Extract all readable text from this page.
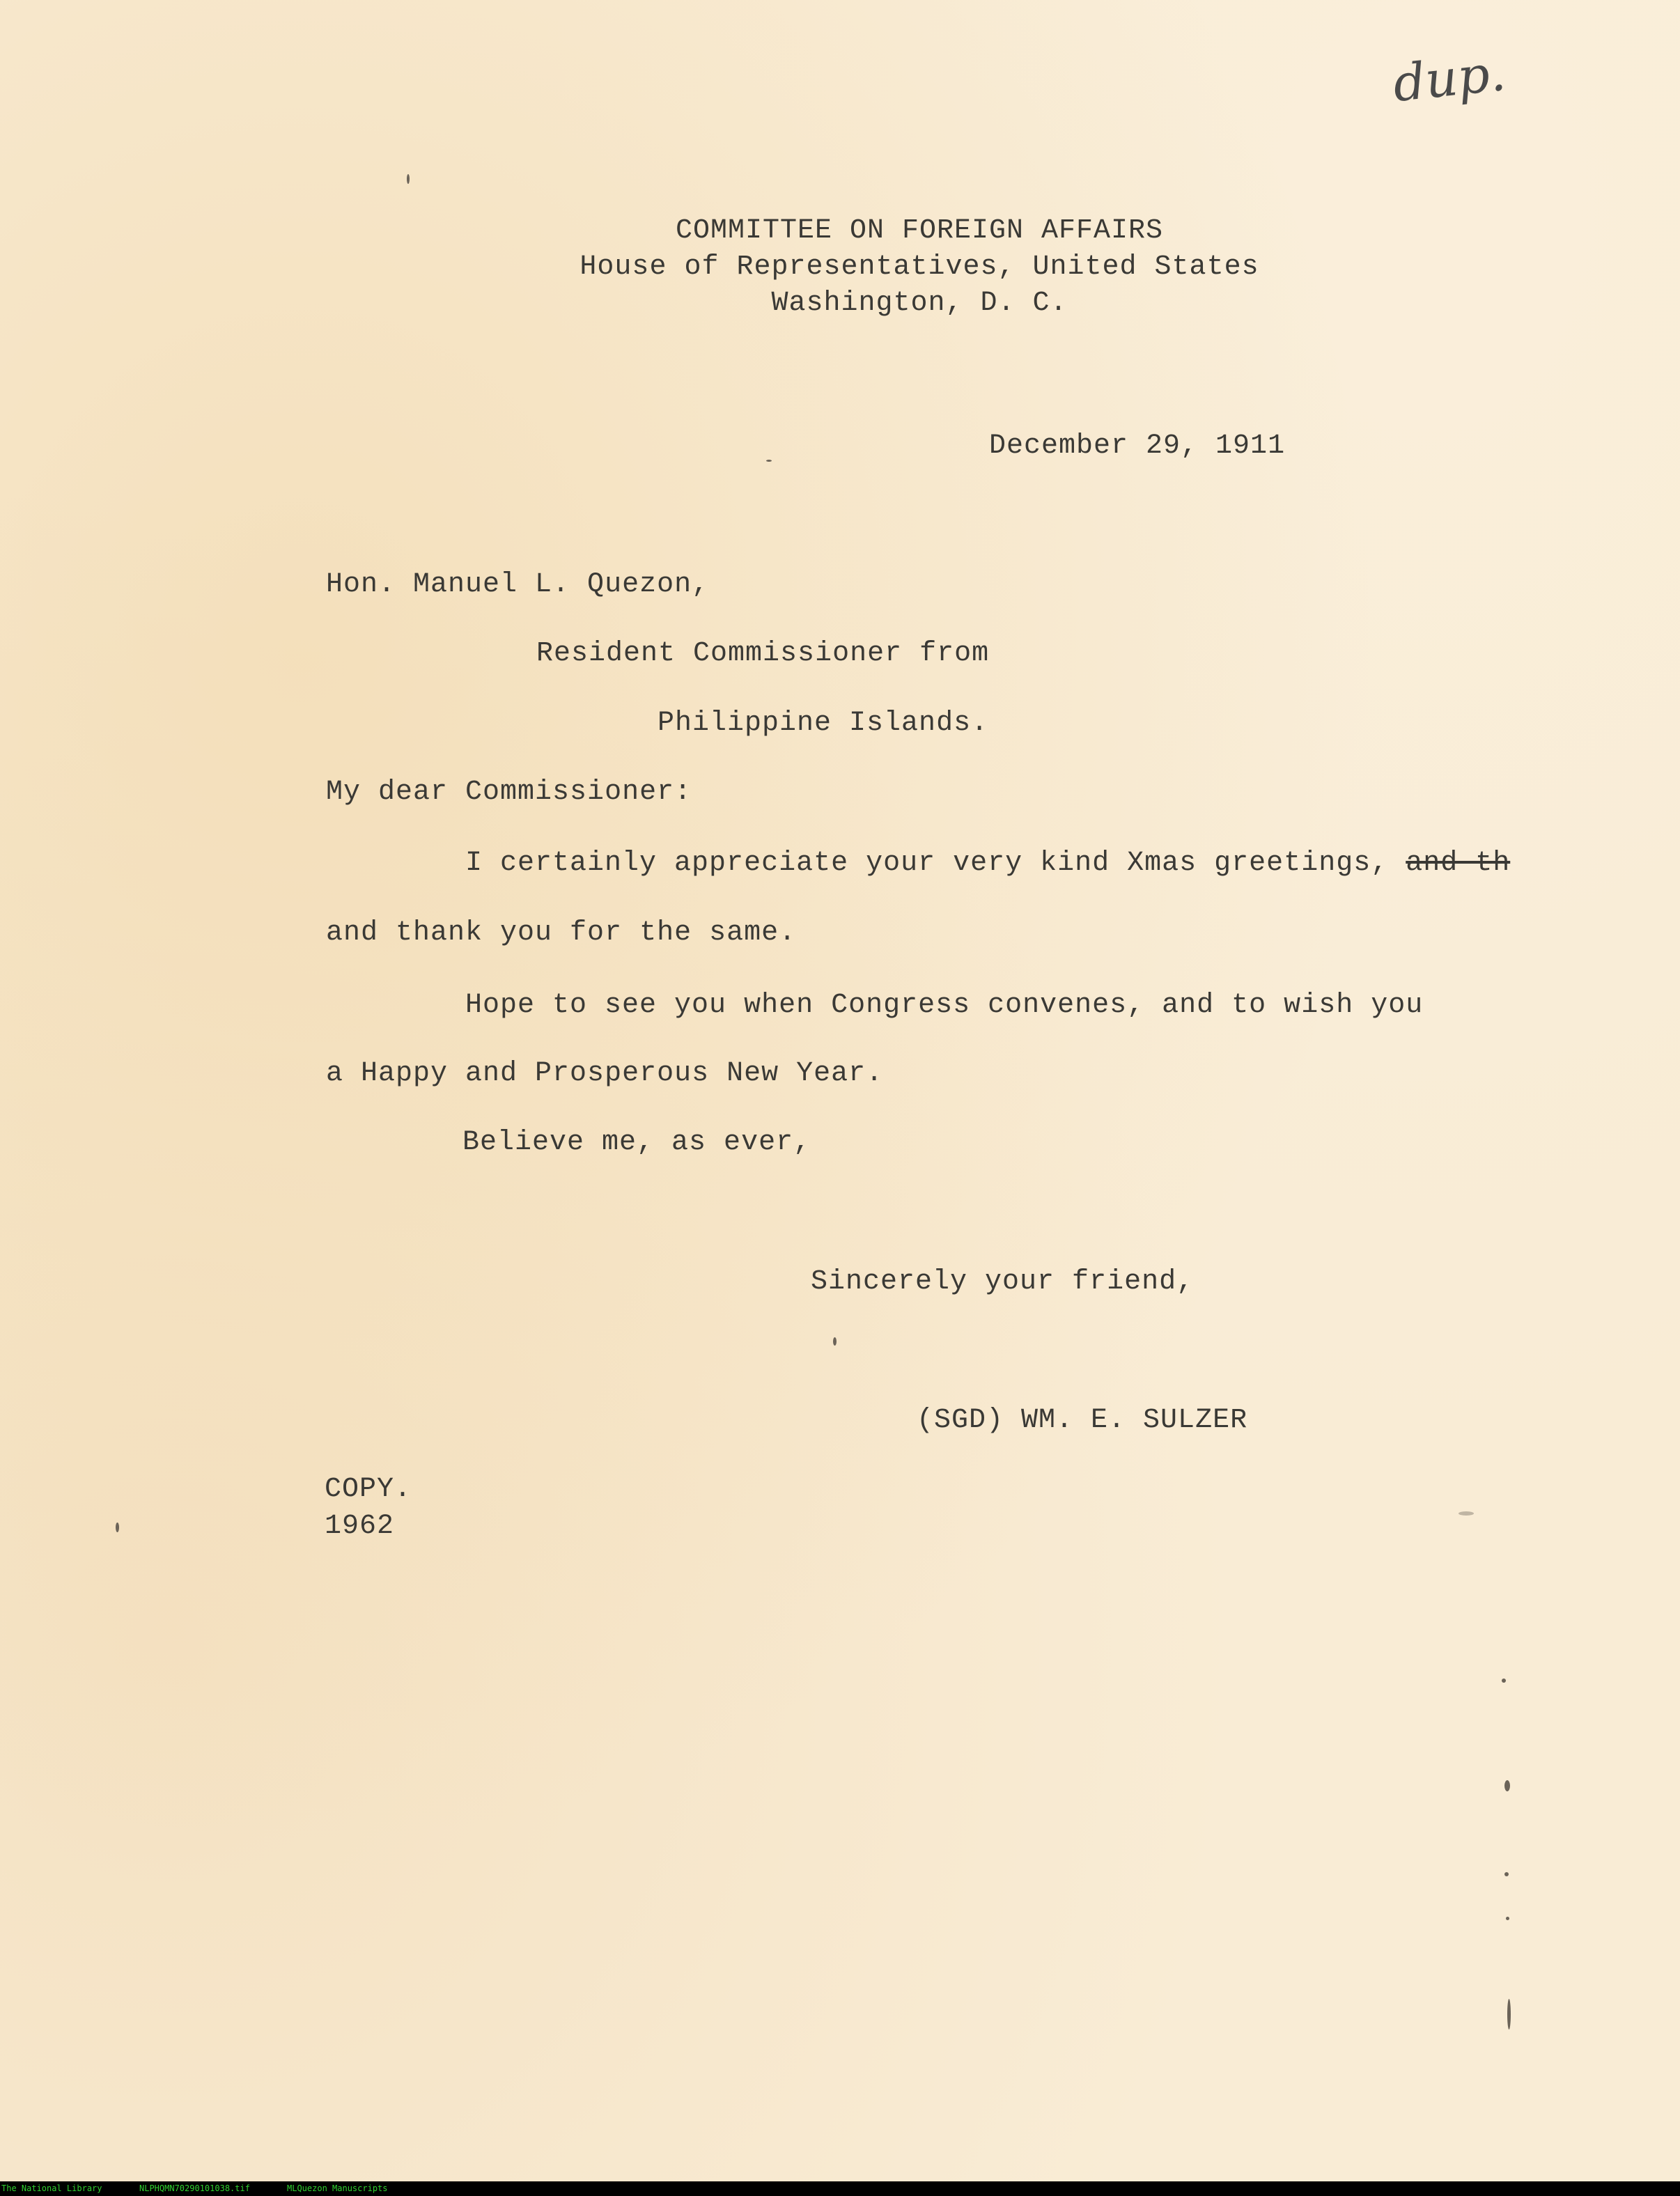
dup.
COMMITTEE ON FOREIGN AFFAIRS
House of Representatives, United States
Washington, D. C.
December 29, 1911
Hon. Manuel L. Quezon,
Resident Commissioner from
Philippine Islands.
My dear Commissioner:
I certainly appreciate your very kind Xmas greetings, and th
and thank you for the same.
Hope to see you when Congress convenes, and to wish you
a Happy and Prosperous New Year.
Believe me, as ever,
Sincerely your friend,
(SGD) WM. E. SULZER
COPY.
1962
The National Library	NLPHQMN70290101038.tif	MLQuezon Manuscripts
